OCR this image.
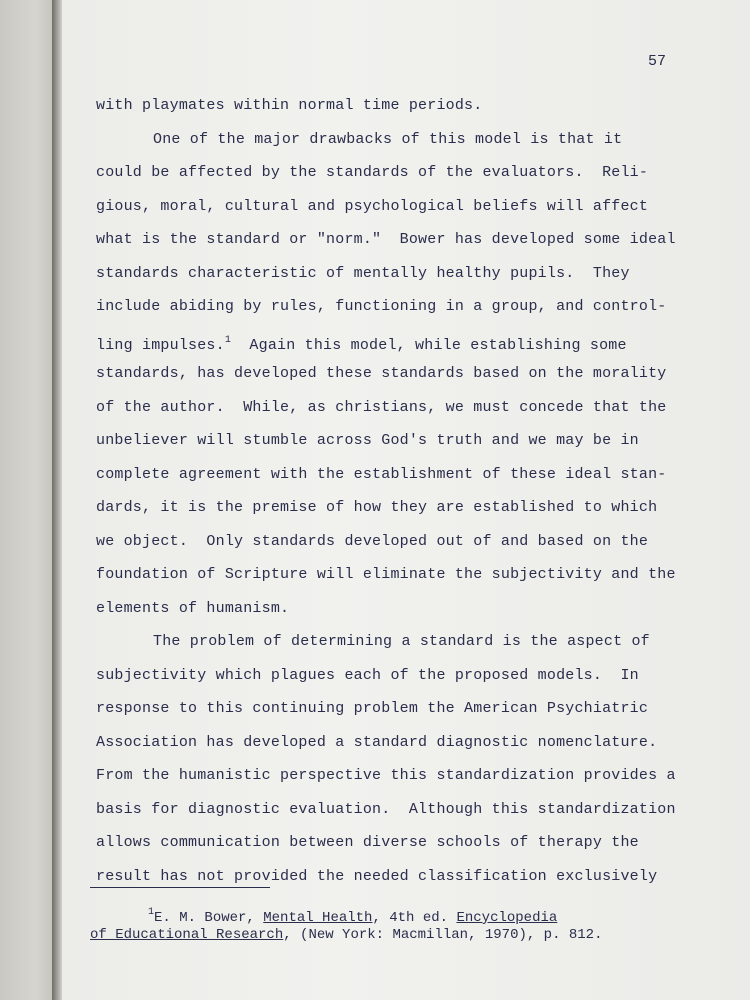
57
with playmates within normal time periods.
One of the major drawbacks of this model is that it
could be affected by the standards of the evaluators.  Reli-
gious, moral, cultural and psychological beliefs will affect
what is the standard or "norm."  Bower has developed some ideal
standards characteristic of mentally healthy pupils.  They
include abiding by rules, functioning in a group, and control-
ling impulses.$^1$  Again this model, while establishing some
standards, has developed these standards based on the morality
of the author.  While, as christians, we must concede that the
unbeliever will stumble across God's truth and we may be in
complete agreement with the establishment of these ideal stan-
dards, it is the premise of how they are established to which
we object.  Only standards developed out of and based on the
foundation of Scripture will eliminate the subjectivity and the
elements of humanism.
The problem of determining a standard is the aspect of
subjectivity which plagues each of the proposed models.  In
response to this continuing problem the American Psychiatric
Association has developed a standard diagnostic nomenclature.
From the humanistic perspective this standardization provides a
basis for diagnostic evaluation.  Although this standardization
allows communication between diverse schools of therapy the
result has not provided the needed classification exclusively
$^1$E. M. Bower, Mental Health, 4th ed. Encyclopedia
of Educational Research, (New York: Macmillan, 1970), p. 812.
